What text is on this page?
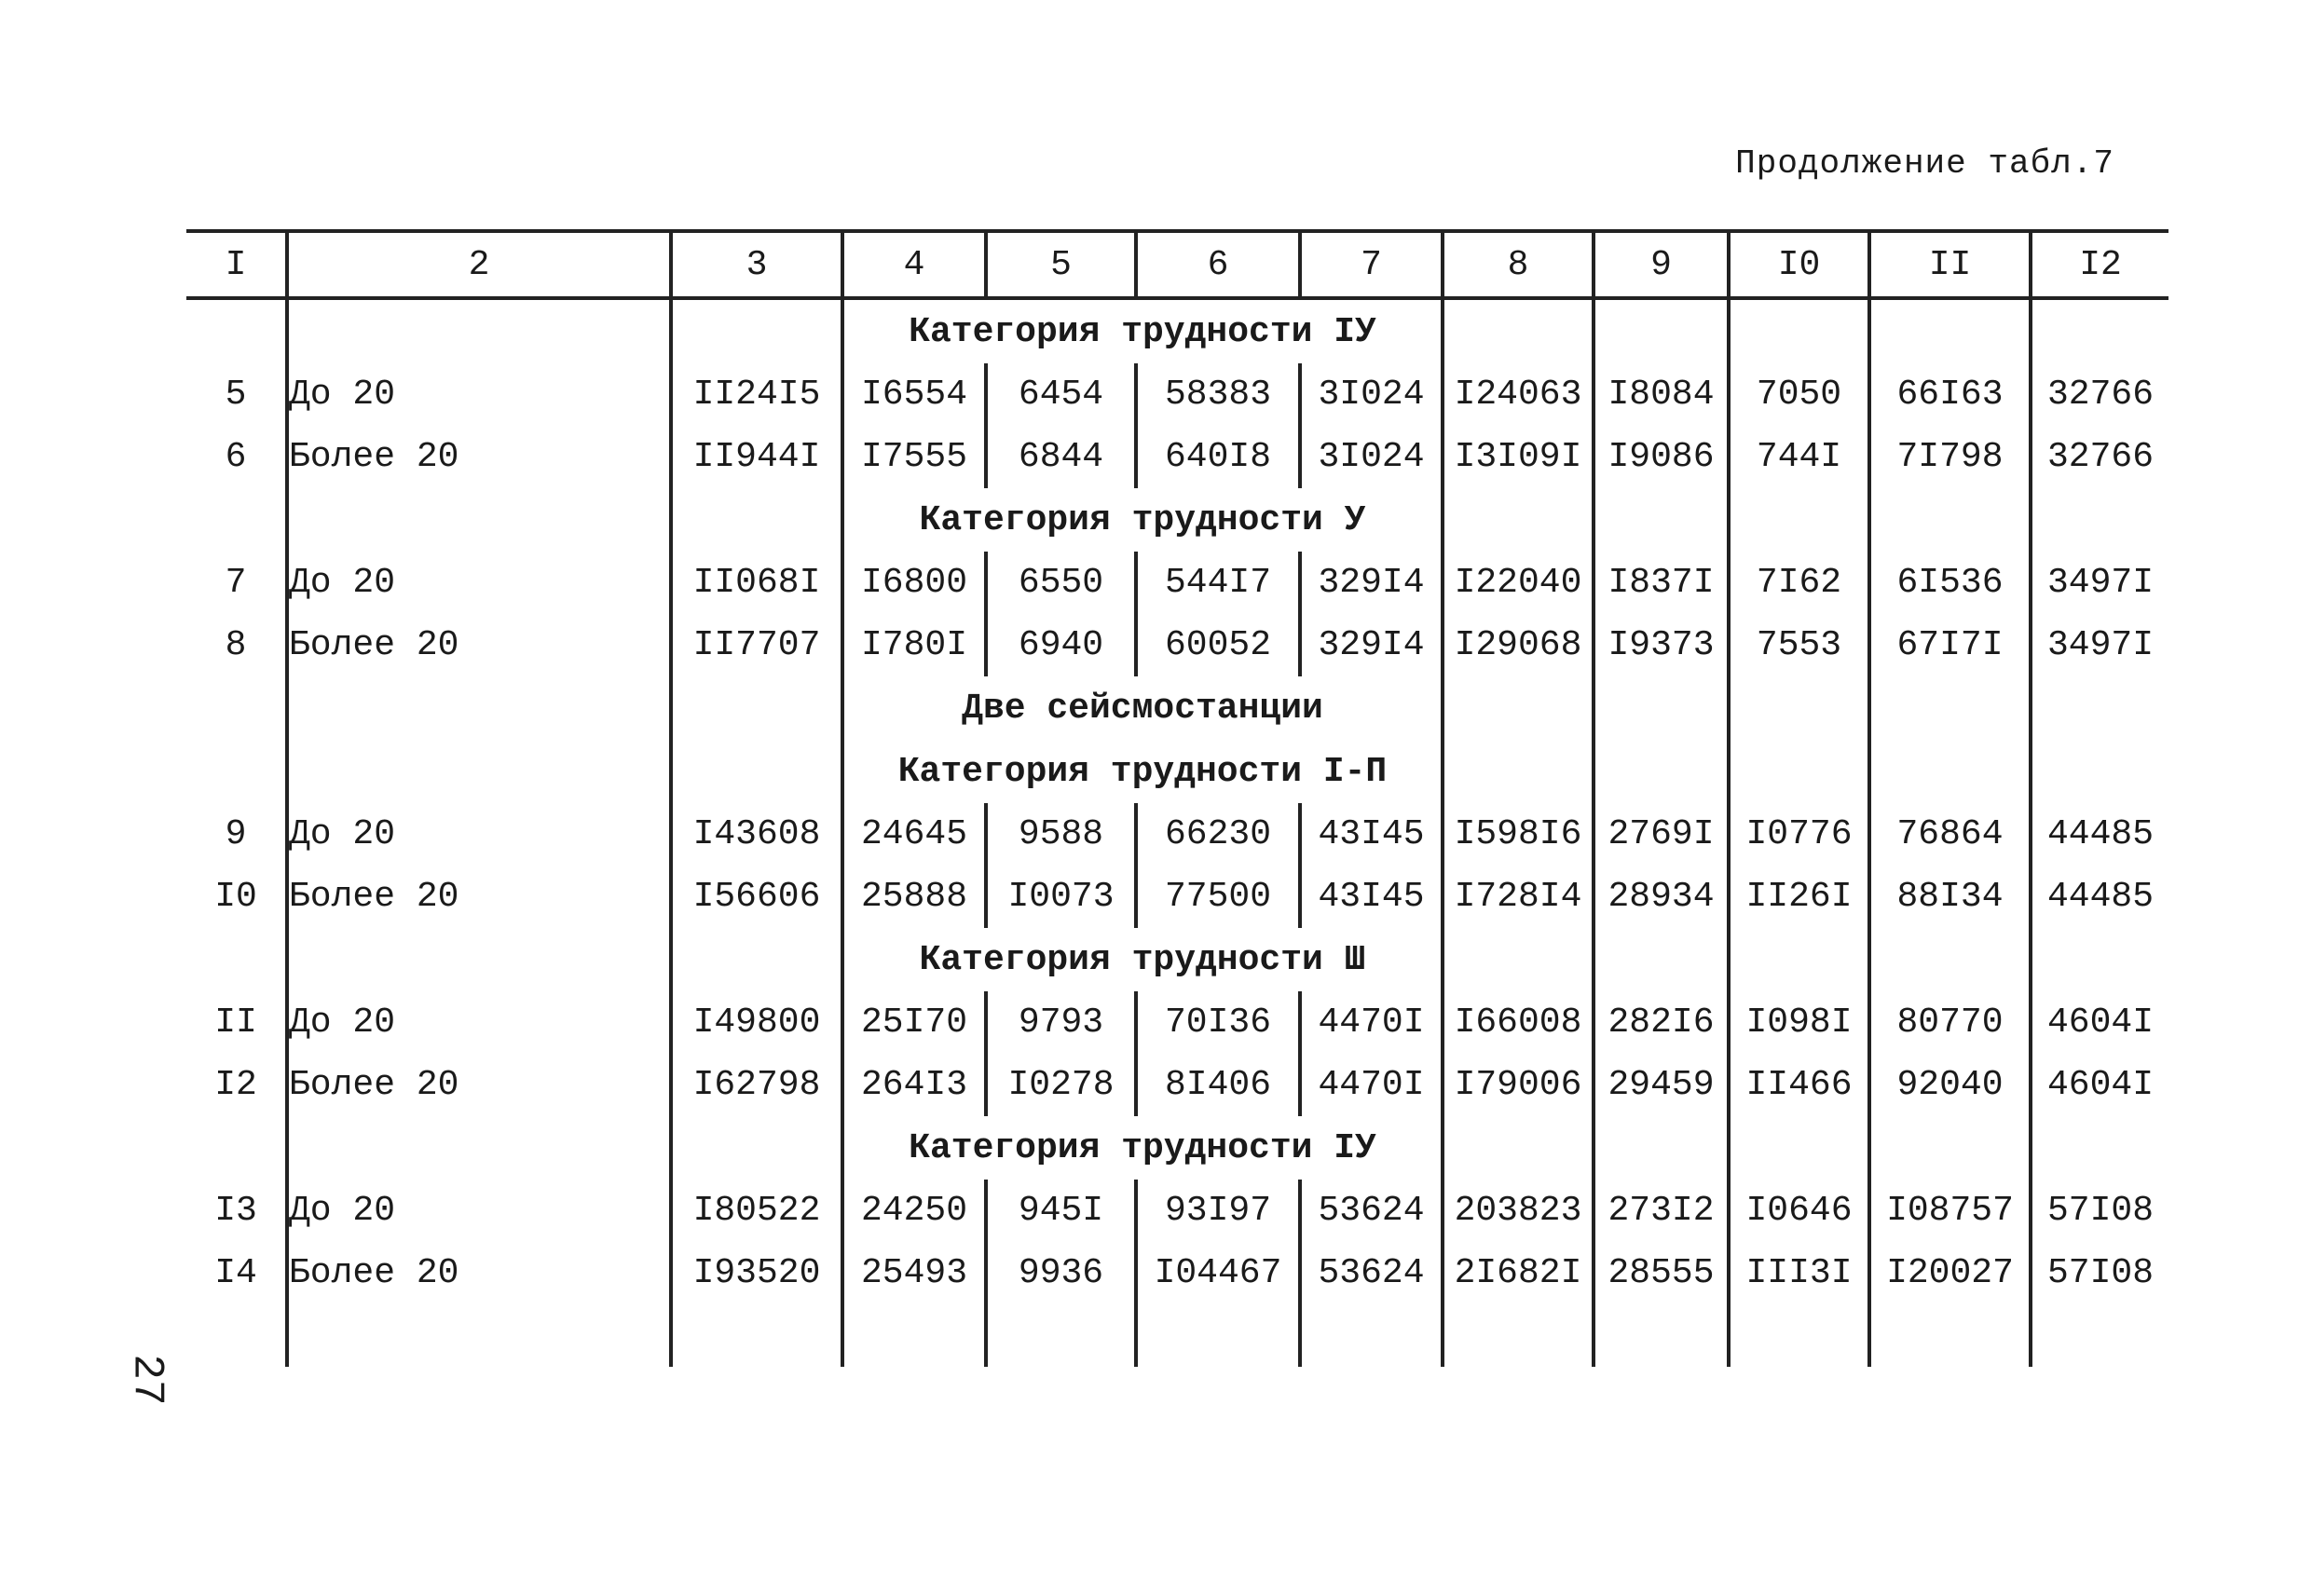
Продолжение табл.7
27
I	2	3	4	5	6	7	8	9	I0	II	I2
			Категория трудности IУ								
5	До 20	II24I5	I6554	6454	58383	3I024	I24063	I8084	7050	66I63	32766
6	Более 20	II944I	I7555	6844	640I8	3I024	I3I09I	I9086	744I	7I798	32766
			Категория трудности У								
7	До 20	II068I	I6800	6550	544I7	329I4	I22040	I837I	7I62	6I536	3497I
8	Более 20	II7707	I780I	6940	60052	329I4	I29068	I9373	7553	67I7I	3497I
			Две сейсмостанции								
			Категория трудности I-П								
9	До 20	I43608	24645	9588	66230	43I45	I598I6	2769I	I0776	76864	44485
I0	Более 20	I56606	25888	I0073	77500	43I45	I728I4	28934	II26I	88I34	44485
			Категория трудности Ш								
II	До 20	I49800	25I70	9793	70I36	4470I	I66008	282I6	I098I	80770	4604I
I2	Более 20	I62798	264I3	I0278	8I406	4470I	I79006	29459	II466	92040	4604I
			Категория трудности IУ								
I3	До 20	I80522	24250	945I	93I97	53624	203823	273I2	I0646	I08757	57I08
I4	Более 20	I93520	25493	9936	I04467	53624	2I682I	28555	III3I	I20027	57I08
